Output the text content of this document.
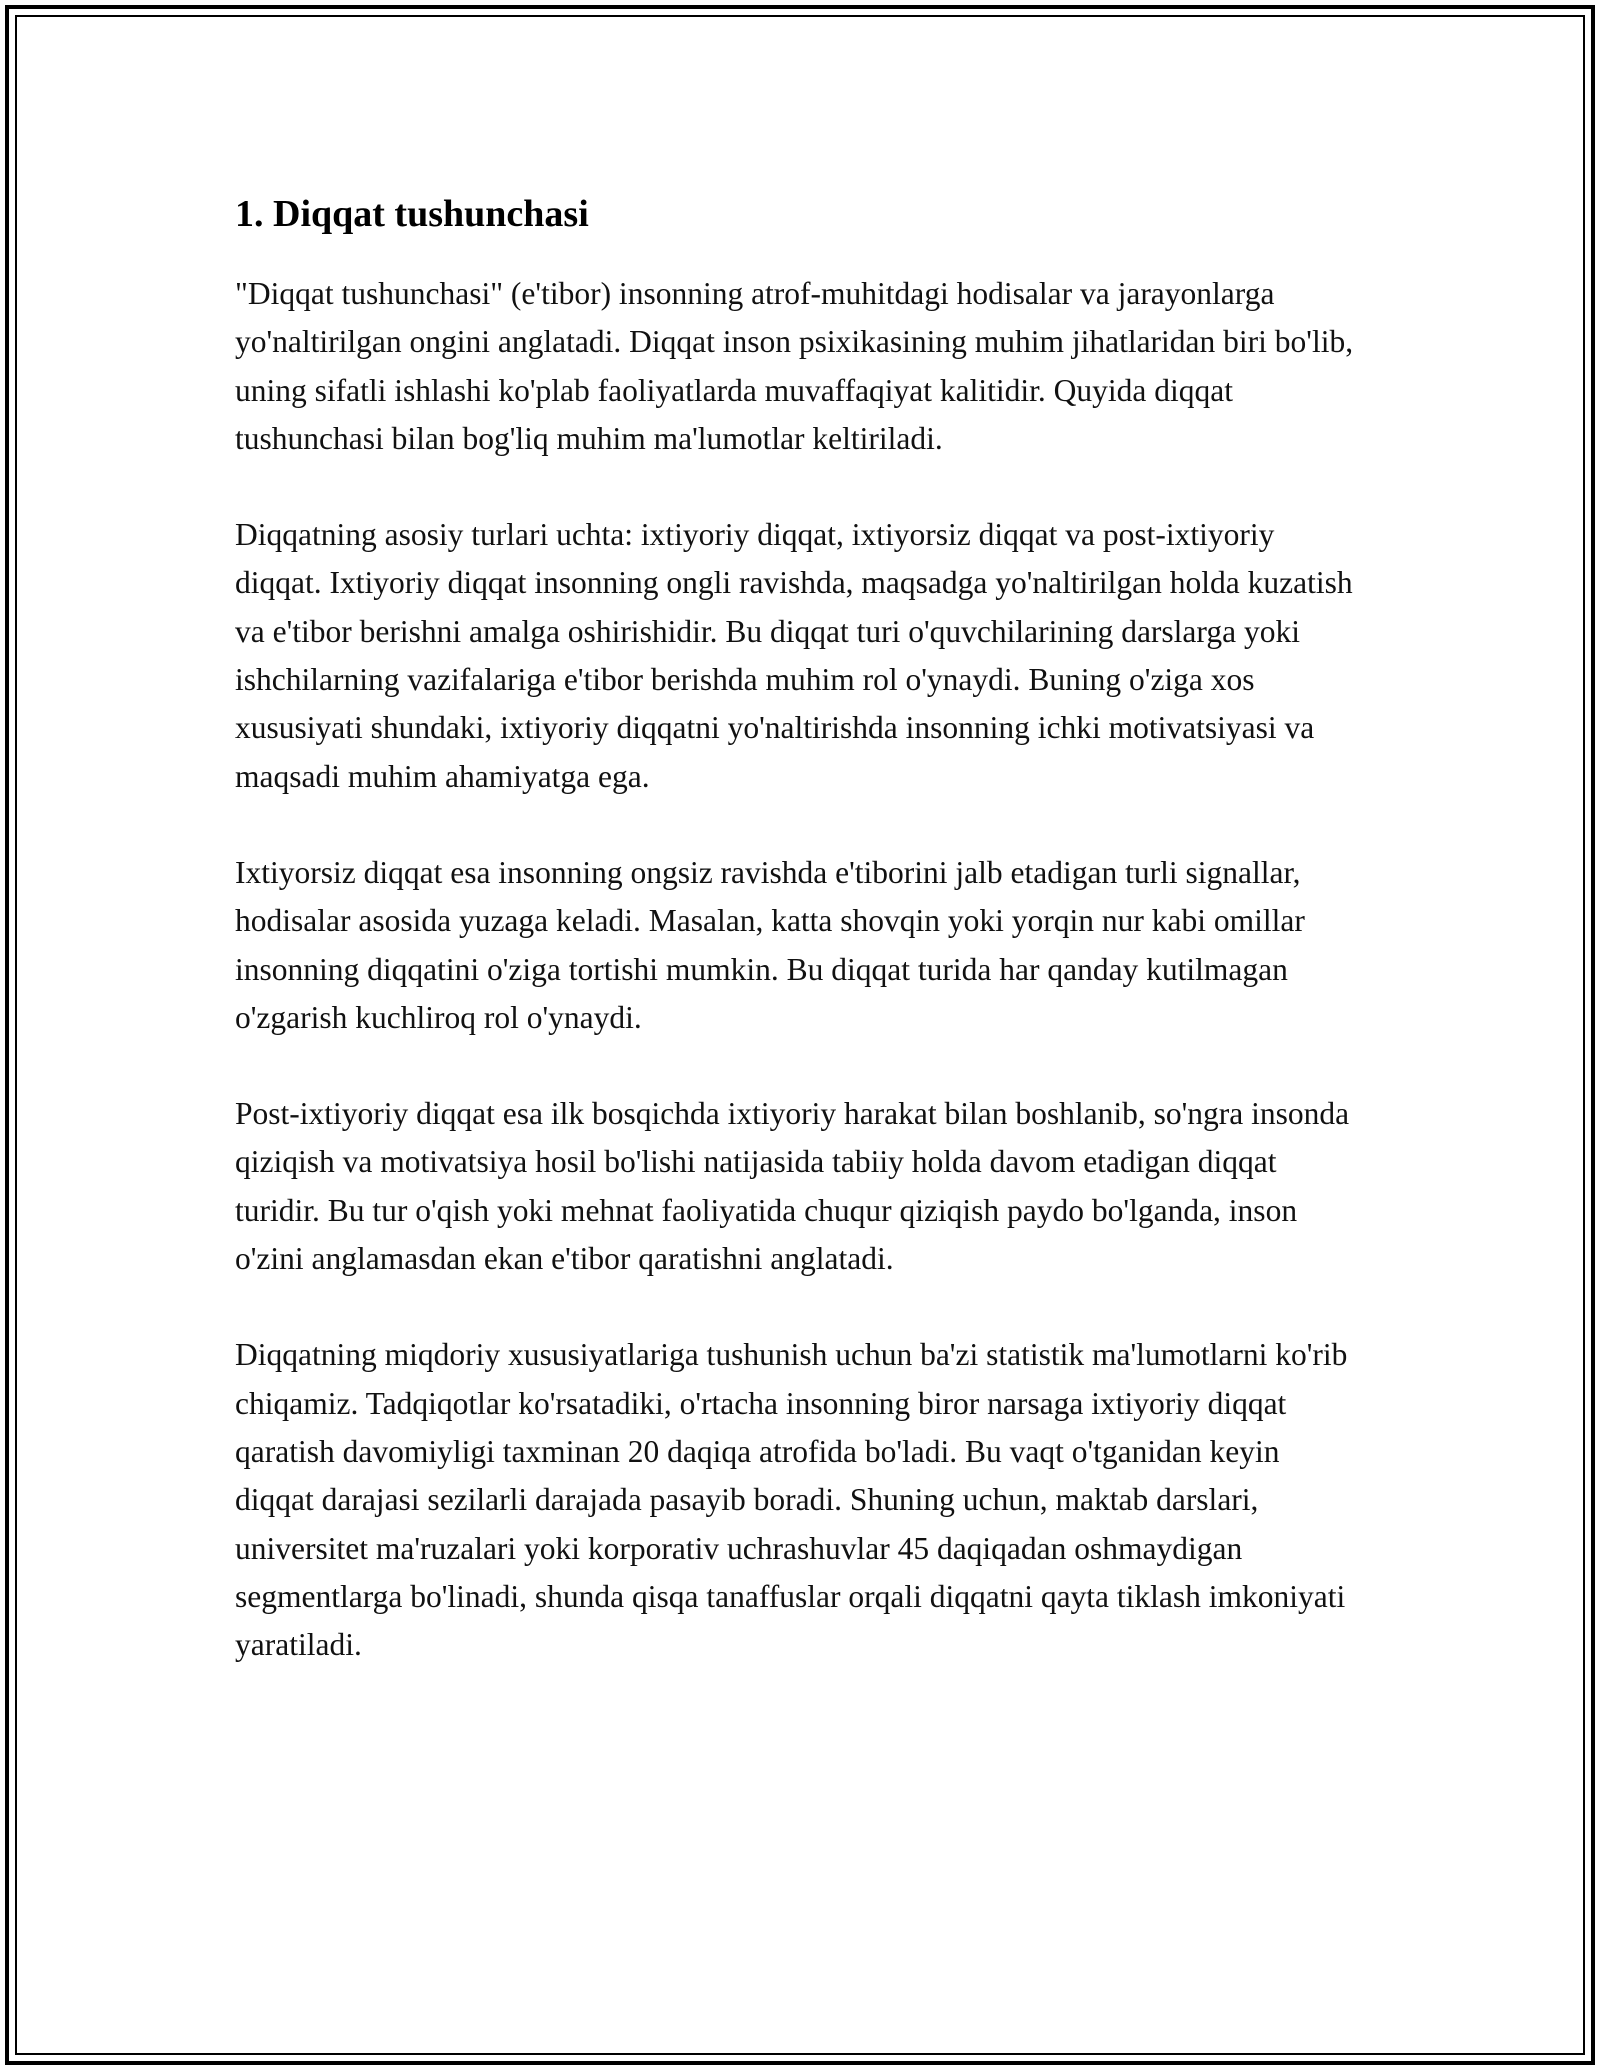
1. Diqqat tushunchasi

"Diqqat tushunchasi" (e'tibor) insonning atrof-muhitdagi hodisalar va jarayonlarga yo'naltirilgan ongini anglatadi. Diqqat inson psixikasining muhim jihatlaridan biri bo'lib, uning sifatli ishlashi ko'plab faoliyatlarda muvaffaqiyat kalitidir. Quyida diqqat tushunchasi bilan bog'liq muhim ma'lumotlar keltiriladi.

Diqqatning asosiy turlari uchta: ixtiyoriy diqqat, ixtiyorsiz diqqat va post-ixtiyoriy diqqat. Ixtiyoriy diqqat insonning ongli ravishda, maqsadga yo'naltirilgan holda kuzatish va e'tibor berishni amalga oshirishidir. Bu diqqat turi o'quvchilarining darslarga yoki ishchilarning vazifalariga e'tibor berishda muhim rol o'ynaydi. Buning o'ziga xos xususiyati shundaki, ixtiyoriy diqqatni yo'naltirishda insonning ichki motivatsiyasi va maqsadi muhim ahamiyatga ega.

Ixtiyorsiz diqqat esa insonning ongsiz ravishda e'tiborini jalb etadigan turli signallar, hodisalar asosida yuzaga keladi. Masalan, katta shovqin yoki yorqin nur kabi omillar insonning diqqatini o'ziga tortishi mumkin. Bu diqqat turida har qanday kutilmagan o'zgarish kuchliroq rol o'ynaydi.

Post-ixtiyoriy diqqat esa ilk bosqichda ixtiyoriy harakat bilan boshlanib, so'ngra insonda qiziqish va motivatsiya hosil bo'lishi natijasida tabiiy holda davom etadigan diqqat turidir. Bu tur o'qish yoki mehnat faoliyatida chuqur qiziqish paydo bo'lganda, inson o'zini anglamasdan ekan e'tibor qaratishni anglatadi.

Diqqatning miqdoriy xususiyatlariga tushunish uchun ba'zi statistik ma'lumotlarni ko'rib chiqamiz. Tadqiqotlar ko'rsatadiki, o'rtacha insonning biror narsaga ixtiyoriy diqqat qaratish davomiyligi taxminan 20 daqiqa atrofida bo'ladi. Bu vaqt o'tganidan keyin diqqat darajasi sezilarli darajada pasayib boradi. Shuning uchun, maktab darslari, universitet ma'ruzalari yoki korporativ uchrashuvlar 45 daqiqadan oshmaydigan segmentlarga bo'linadi, shunda qisqa tanaffuslar orqali diqqatni qayta tiklash imkoniyati yaratiladi.
